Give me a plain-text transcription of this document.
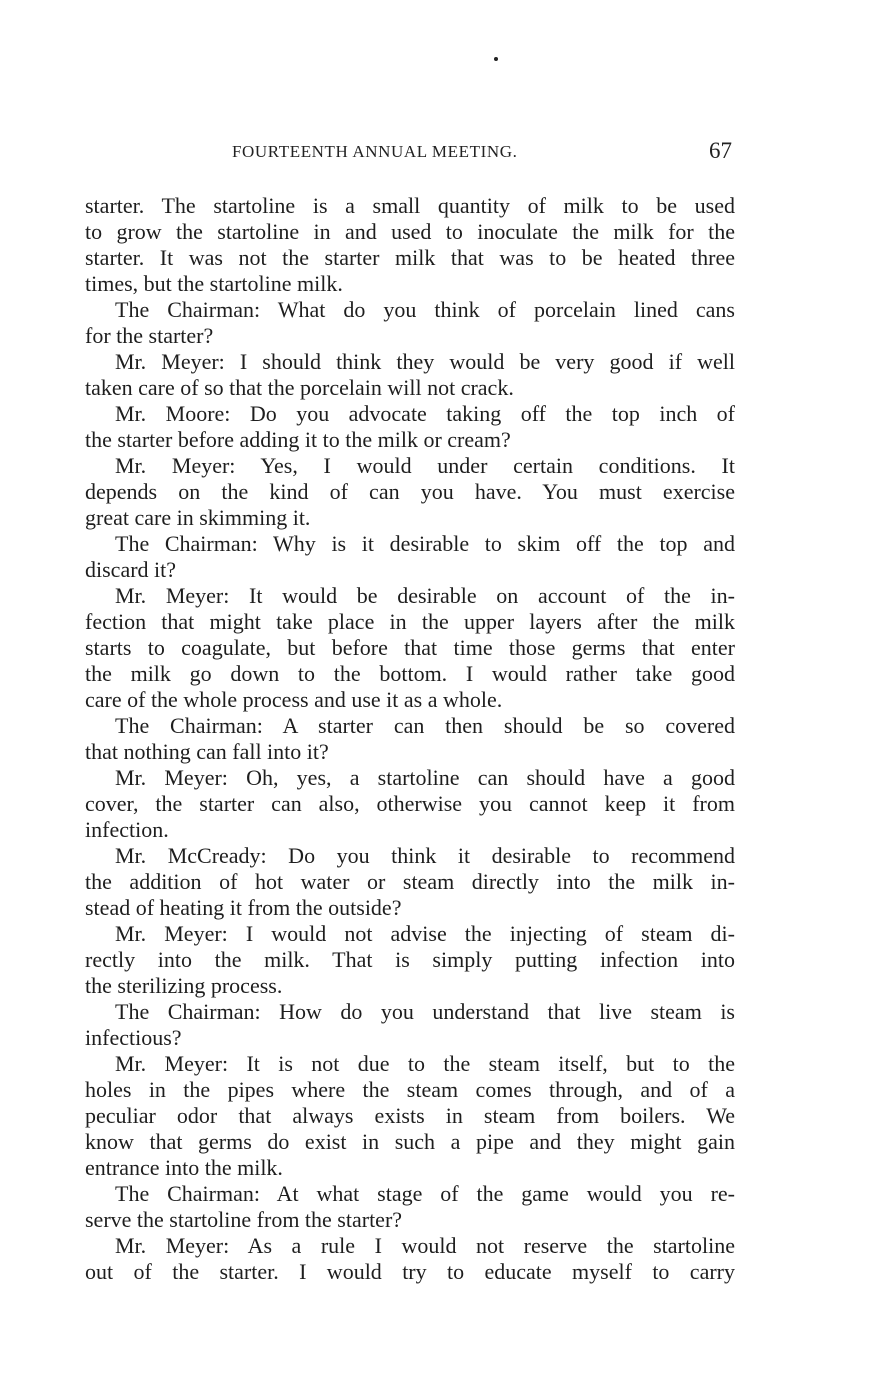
FOURTEENTH ANNUAL MEETING.	67
starter. The startoline is a small quantity of milk to be used
to grow the startoline in and used to inoculate the milk for the
starter. It was not the starter milk that was to be heated three
times, but the startoline milk.
The Chairman: What do you think of porcelain lined cans
for the starter?
Mr. Meyer: I should think they would be very good if well
taken care of so that the porcelain will not crack.
Mr. Moore: Do you advocate taking off the top inch of
the starter before adding it to the milk or cream?
Mr. Meyer: Yes, I would under certain conditions. It
depends on the kind of can you have. You must exercise
great care in skimming it.
The Chairman: Why is it desirable to skim off the top and
discard it?
Mr. Meyer: It would be desirable on account of the in-
fection that might take place in the upper layers after the milk
starts to coagulate, but before that time those germs that enter
the milk go down to the bottom. I would rather take good
care of the whole process and use it as a whole.
The Chairman: A starter can then should be so covered
that nothing can fall into it?
Mr. Meyer: Oh, yes, a startoline can should have a good
cover, the starter can also, otherwise you cannot keep it from
infection.
Mr. McCready: Do you think it desirable to recommend
the addition of hot water or steam directly into the milk in-
stead of heating it from the outside?
Mr. Meyer: I would not advise the injecting of steam di-
rectly into the milk. That is simply putting infection into
the sterilizing process.
The Chairman: How do you understand that live steam is
infectious?
Mr. Meyer: It is not due to the steam itself, but to the
holes in the pipes where the steam comes through, and of a
peculiar odor that always exists in steam from boilers. We
know that germs do exist in such a pipe and they might gain
entrance into the milk.
The Chairman: At what stage of the game would you re-
serve the startoline from the starter?
Mr. Meyer: As a rule I would not reserve the startoline
out of the starter. I would try to educate myself to carry
